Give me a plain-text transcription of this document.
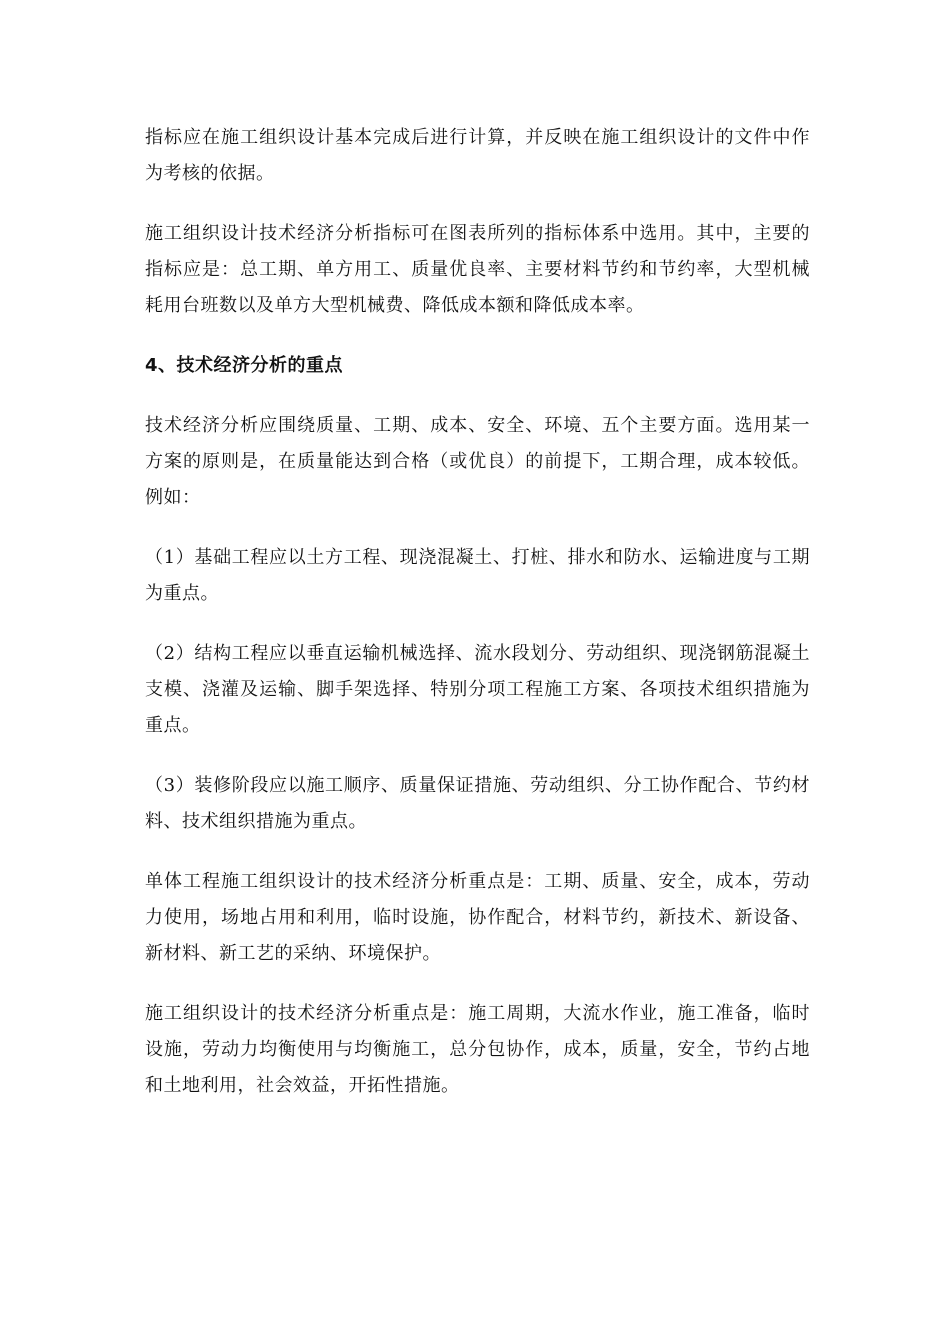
指标应在施工组织设计基本完成后进行计算，并反映在施工组织设计的文件中作为考核的依据。

施工组织设计技术经济分析指标可在图表所列的指标体系中选用。其中，主要的指标应是：总工期、单方用工、质量优良率、主要材料节约和节约率，大型机械耗用台班数以及单方大型机械费、降低成本额和降低成本率。

4、技术经济分析的重点

技术经济分析应围绕质量、工期、成本、安全、环境、五个主要方面。选用某一方案的原则是，在质量能达到合格（或优良）的前提下，工期合理，成本较低。例如：

（1）基础工程应以土方工程、现浇混凝土、打桩、排水和防水、运输进度与工期为重点。

（2）结构工程应以垂直运输机械选择、流水段划分、劳动组织、现浇钢筋混凝土支模、浇灌及运输、脚手架选择、特别分项工程施工方案、各项技术组织措施为重点。

（3）装修阶段应以施工顺序、质量保证措施、劳动组织、分工协作配合、节约材料、技术组织措施为重点。

单体工程施工组织设计的技术经济分析重点是：工期、质量、安全，成本，劳动力使用，场地占用和利用，临时设施，协作配合，材料节约，新技术、新设备、新材料、新工艺的采纳、环境保护。

施工组织设计的技术经济分析重点是：施工周期，大流水作业，施工准备，临时设施，劳动力均衡使用与均衡施工，总分包协作，成本，质量，安全，节约占地和土地利用，社会效益，开拓性措施。
